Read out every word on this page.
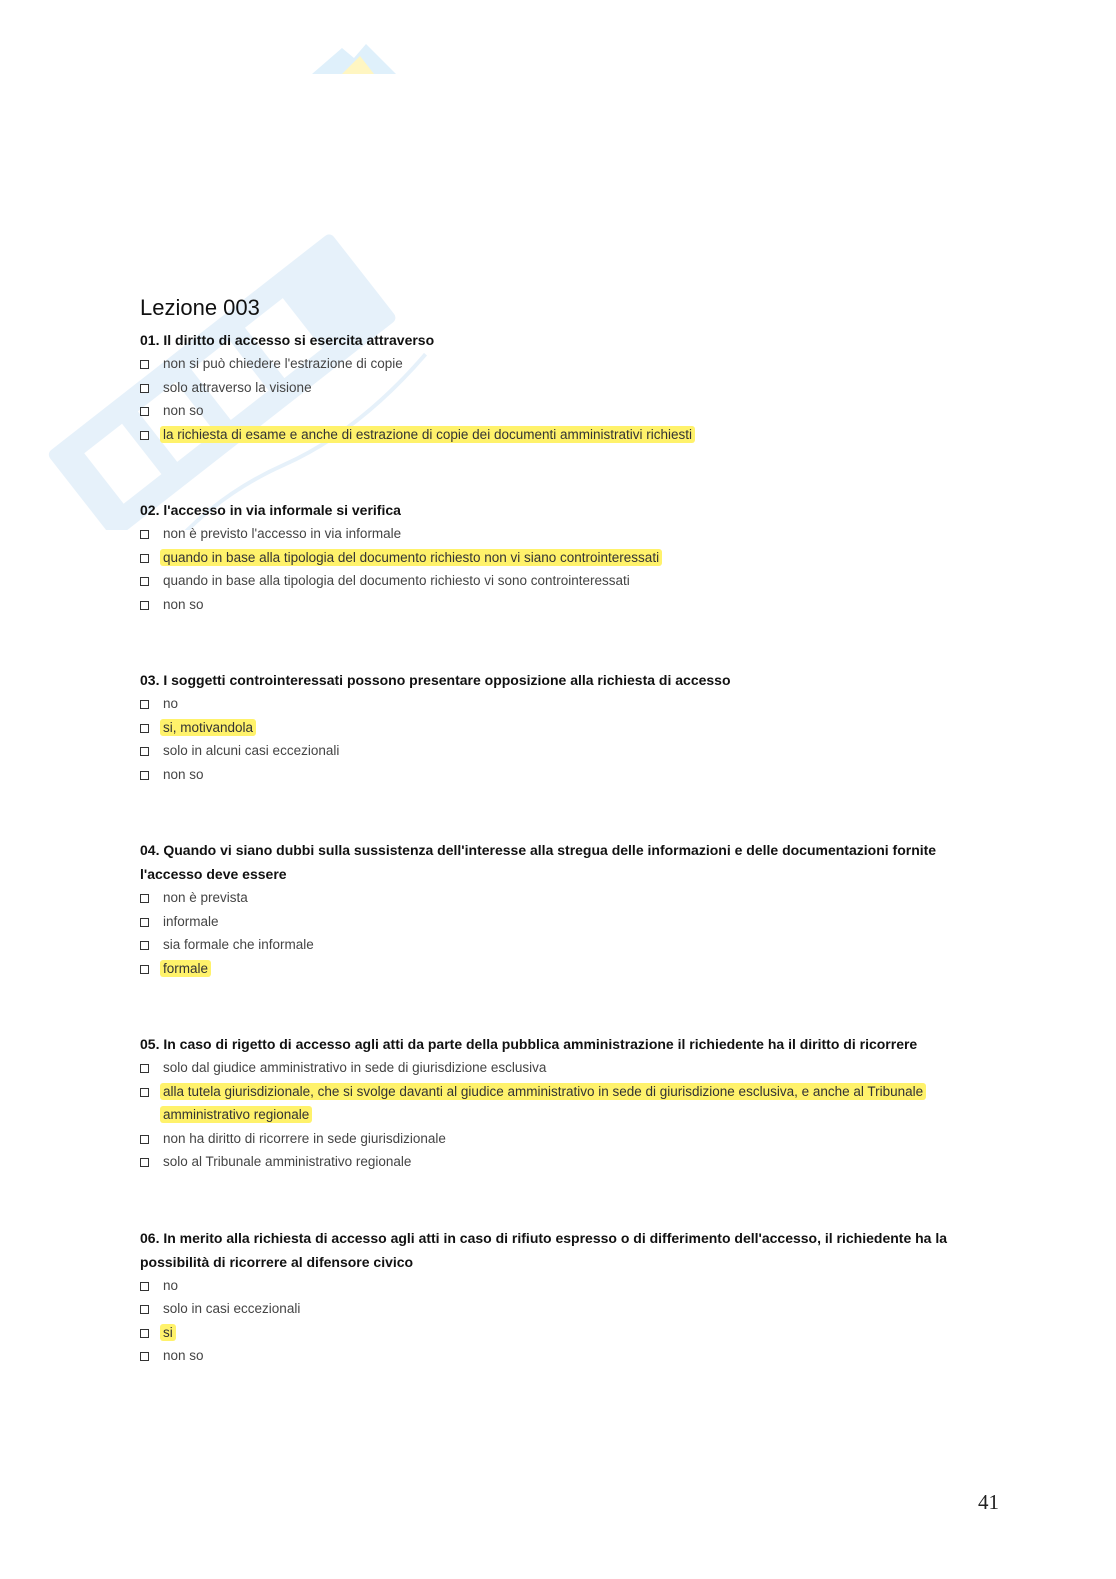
Lezione 003

01. Il diritto di accesso si esercita attraverso

non si può chiedere l'estrazione di copie
solo attraverso la visione
non so
la richiesta di esame e anche di estrazione di copie dei documenti amministrativi richiesti

02. l'accesso in via informale si verifica

non è previsto l'accesso in via informale
quando in base alla tipologia del documento richiesto non vi siano controinteressati
quando in base alla tipologia del documento richiesto vi sono controinteressati
non so

03. I soggetti controinteressati possono presentare opposizione alla richiesta di accesso

no
si, motivandola
solo in alcuni casi eccezionali
non so

04. Quando vi siano dubbi sulla sussistenza dell'interesse alla stregua delle informazioni e delle documentazioni fornite l'accesso deve essere

non è prevista
informale
sia formale che informale
formale

05. In caso di rigetto di accesso agli atti da parte della pubblica amministrazione il richiedente ha il diritto di ricorrere

solo dal giudice amministrativo in sede di giurisdizione esclusiva
alla tutela giurisdizionale, che si svolge davanti al giudice amministrativo in sede di giurisdizione esclusiva, e anche al Tribunale amministrativo regionale
non ha diritto di ricorrere in sede giurisdizionale
solo al Tribunale amministrativo regionale

06. In merito alla richiesta di accesso agli atti in caso di rifiuto espresso o di differimento dell'accesso, il richiedente ha la possibilità di ricorrere al difensore civico

no
solo in casi eccezionali
si
non so
41
